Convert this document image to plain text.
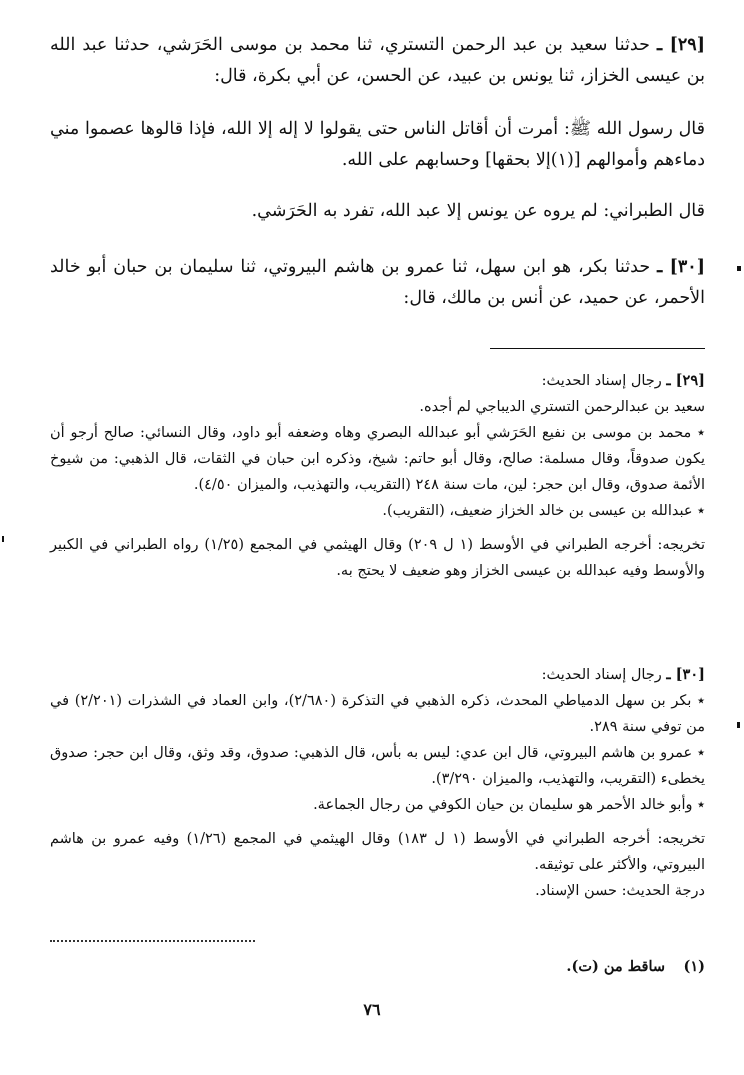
[٢٩] ـ حدثنا سعيد بن عبد الرحمن التستري، ثنا محمد بن موسى الحَرَشي، حدثنا عبد الله بن عيسى الخزاز، ثنا يونس بن عبيد، عن الحسن، عن أبي بكرة، قال:

قال رسول الله ﷺ: أمرت أن أقاتل الناس حتى يقولوا لا إله إلا الله، فإذا قالوها عصموا مني دماءهم وأموالهم [(١)إلا بحقها] وحسابهم على الله.

قال الطبراني: لم يروه عن يونس إلا عبد الله، تفرد به الحَرَشي.

[٣٠] ـ حدثنا بكر، هو ابن سهل، ثنا عمرو بن هاشم البيروتي، ثنا سليمان بن حبان أبو خالد الأحمر، عن حميد، عن أنس بن مالك، قال:

[٢٩] ـ رجال إسناد الحديث:

سعيد بن عبدالرحمن التستري الديباجي لم أجده.

٭ محمد بن موسى بن نفيع الحَرَشي أبو عبدالله البصري وهاه وضعفه أبو داود، وقال النسائي: صالح أرجو أن يكون صدوقاً، وقال مسلمة: صالح، وقال أبو حاتم: شيخ، وذكره ابن حبان في الثقات، قال الذهبي: من شيوخ الأئمة صدوق، وقال ابن حجر: لين، مات سنة ٢٤٨ (التقريب، والتهذيب، والميزان ٤/٥٠).

٭ عبدالله بن عيسى بن خالد الخزاز ضعيف، (التقريب).

تخريجه: أخرجه الطبراني في الأوسط (١ ل ٢٠٩) وقال الهيثمي في المجمع (١/٢٥) رواه الطبراني في الكبير والأوسط وفيه عبدالله بن عيسى الخزاز وهو ضعيف لا يحتج به.

[٣٠] ـ رجال إسناد الحديث:

٭ بكر بن سهل الدمياطي المحدث، ذكره الذهبي في التذكرة (٢/٦٨٠)، وابن العماد في الشذرات (٢/٢٠١) في من توفي سنة ٢٨٩.

٭ عمرو بن هاشم البيروتي، قال ابن عدي: ليس به بأس، قال الذهبي: صدوق، وقد وثق، وقال ابن حجر: صدوق يخطىء (التقريب، والتهذيب، والميزان ٣/٢٩٠).

٭ وأبو خالد الأحمر هو سليمان بن حيان الكوفي من رجال الجماعة.

تخريجه: أخرجه الطبراني في الأوسط (١ ل ١٨٣) وقال الهيثمي في المجمع (١/٢٦) وفيه عمرو بن هاشم البيروتي، والأكثر على توثيقه.

درجة الحديث: حسن الإسناد.

(١)    ساقط من (ت).

٧٦
